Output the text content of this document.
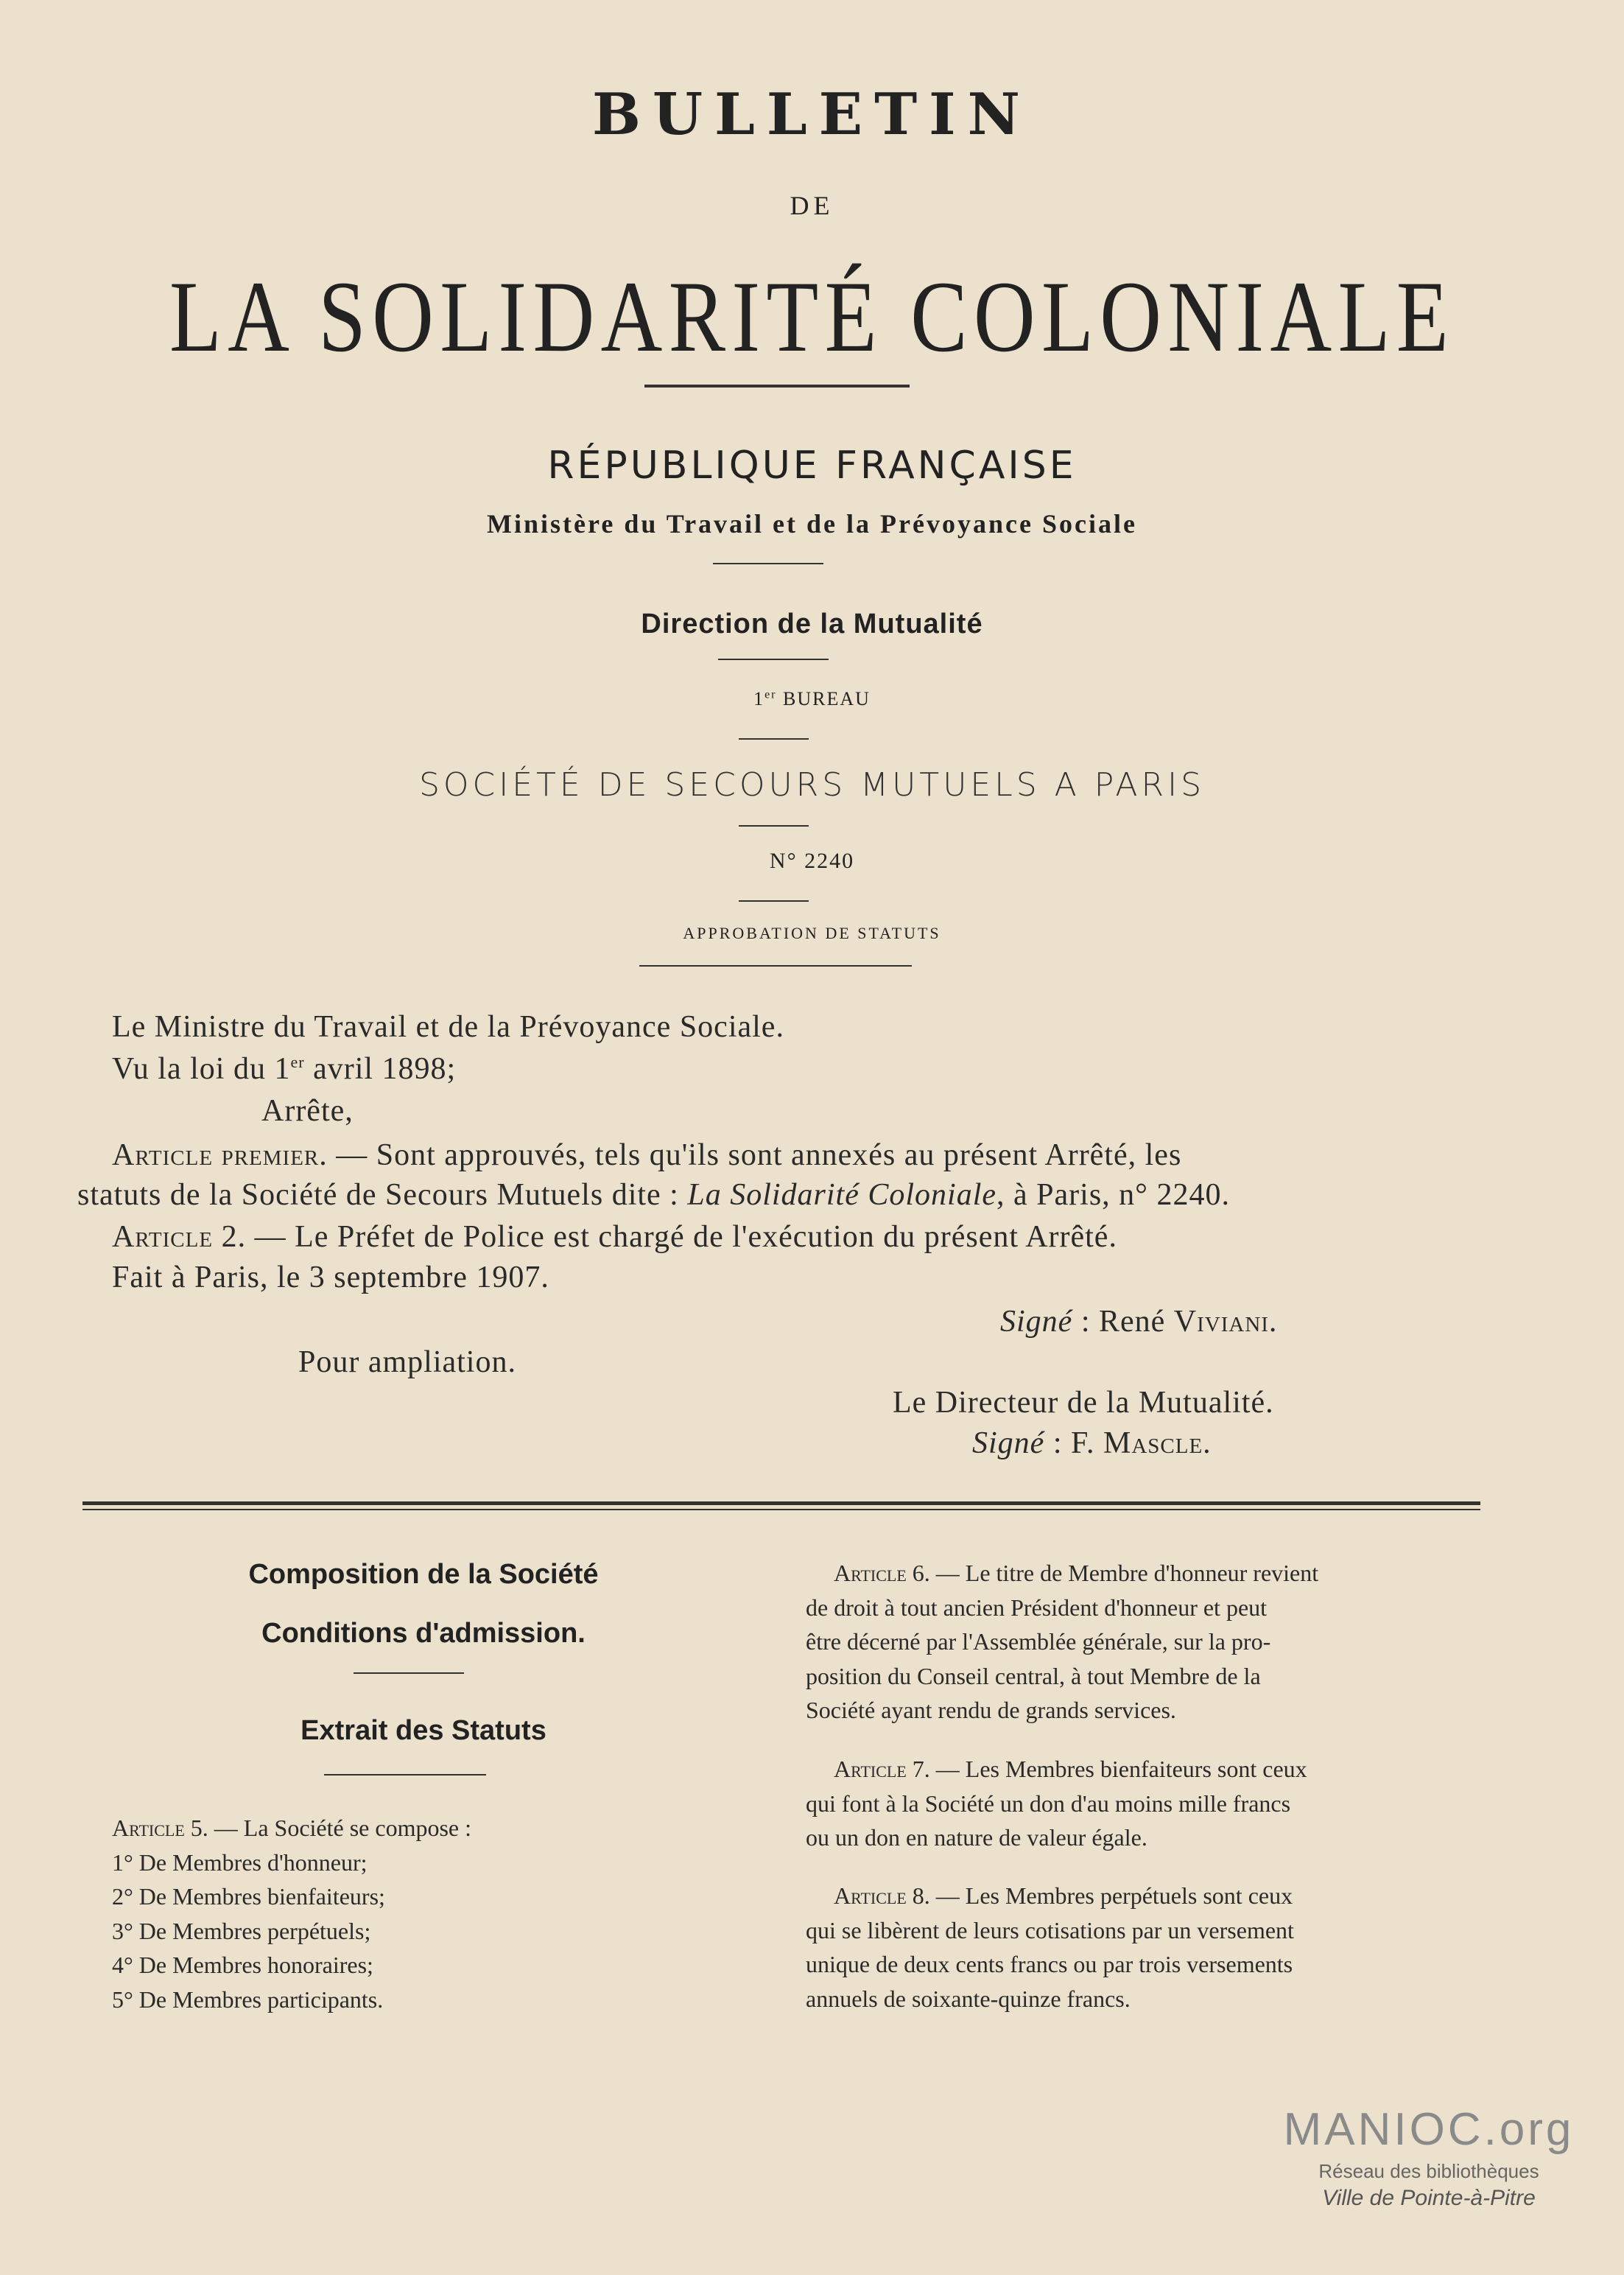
BULLETIN
DE
LA SOLIDARITÉ COLONIALE
RÉPUBLIQUE FRANÇAISE
Ministère du Travail et de la Prévoyance Sociale
Direction de la Mutualité
1er BUREAU
SOCIÉTÉ DE SECOURS MUTUELS A PARIS
N° 2240
APPROBATION DE STATUTS
Le Ministre du Travail et de la Prévoyance Sociale.
Vu la loi du 1er avril 1898;
Arrête,
Article premier. — Sont approuvés, tels qu'ils sont annexés au présent Arrêté, les
statuts de la Société de Secours Mutuels dite : La Solidarité Coloniale, à Paris, n° 2240.
Article 2. — Le Préfet de Police est chargé de l'exécution du présent Arrêté.
Fait à Paris, le 3 septembre 1907.
Signé : René Viviani.
Pour ampliation.
Le Directeur de la Mutualité.
Signé : F. Mascle.
Composition de la Société
Conditions d'admission.
Extrait des Statuts

Article 5. — La Société se compose :

1° De Membres d'honneur;

2° De Membres bienfaiteurs;

3° De Membres perpétuels;

4° De Membres honoraires;

5° De Membres participants.

Article 6. — Le titre de Membre d'honneur revient

de droit à tout ancien Président d'honneur et peut

être décerné par l'Assemblée générale, sur la pro-

position du Conseil central, à tout Membre de la

Société ayant rendu de grands services.

Article 7. — Les Membres bienfaiteurs sont ceux

qui font à la Société un don d'au moins mille francs

ou un don en nature de valeur égale.

Article 8. — Les Membres perpétuels sont ceux

qui se libèrent de leurs cotisations par un versement

unique de deux cents francs ou par trois versements

annuels de soixante-quinze francs.

MANIOC.org
Réseau des bibliothèques
Ville de Pointe-à-Pitre
